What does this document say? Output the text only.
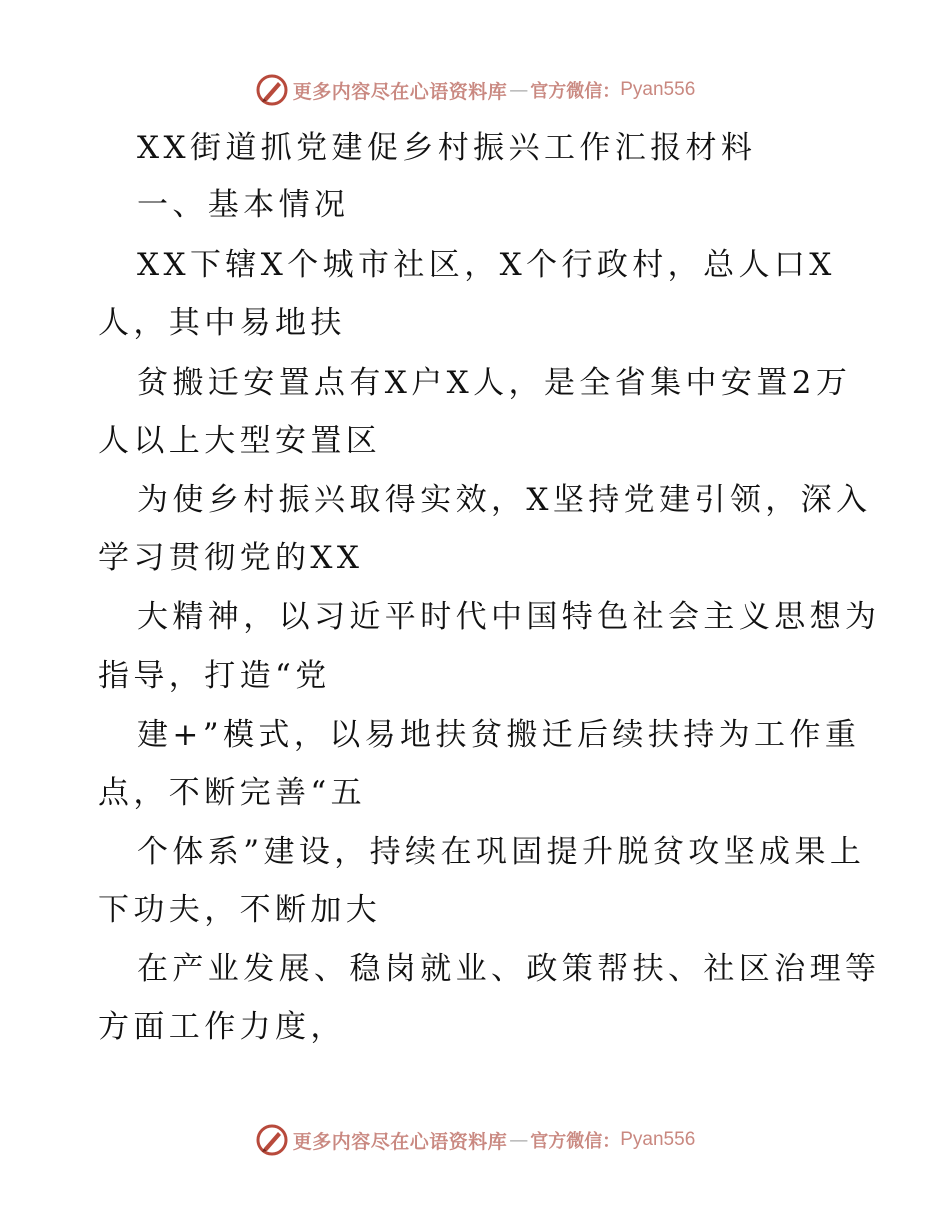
更多内容尽在心语资料库 — 官方微信： Pyan556
XX街道抓党建促乡村振兴工作汇报材料
一、基本情况
XX下辖X个城市社区，X个行政村，总人口X
人，其中易地扶
贫搬迁安置点有X户X人，是全省集中安置2万
人以上大型安置区
为使乡村振兴取得实效，X坚持党建引领，深入
学习贯彻党的XX
大精神，以习近平时代中国特色社会主义思想为
指导，打造“党
建+”模式，以易地扶贫搬迁后续扶持为工作重
点，不断完善“五
个体系”建设，持续在巩固提升脱贫攻坚成果上
下功夫，不断加大
在产业发展、稳岗就业、政策帮扶、社区治理等
方面工作力度，
更多内容尽在心语资料库 — 官方微信： Pyan556
